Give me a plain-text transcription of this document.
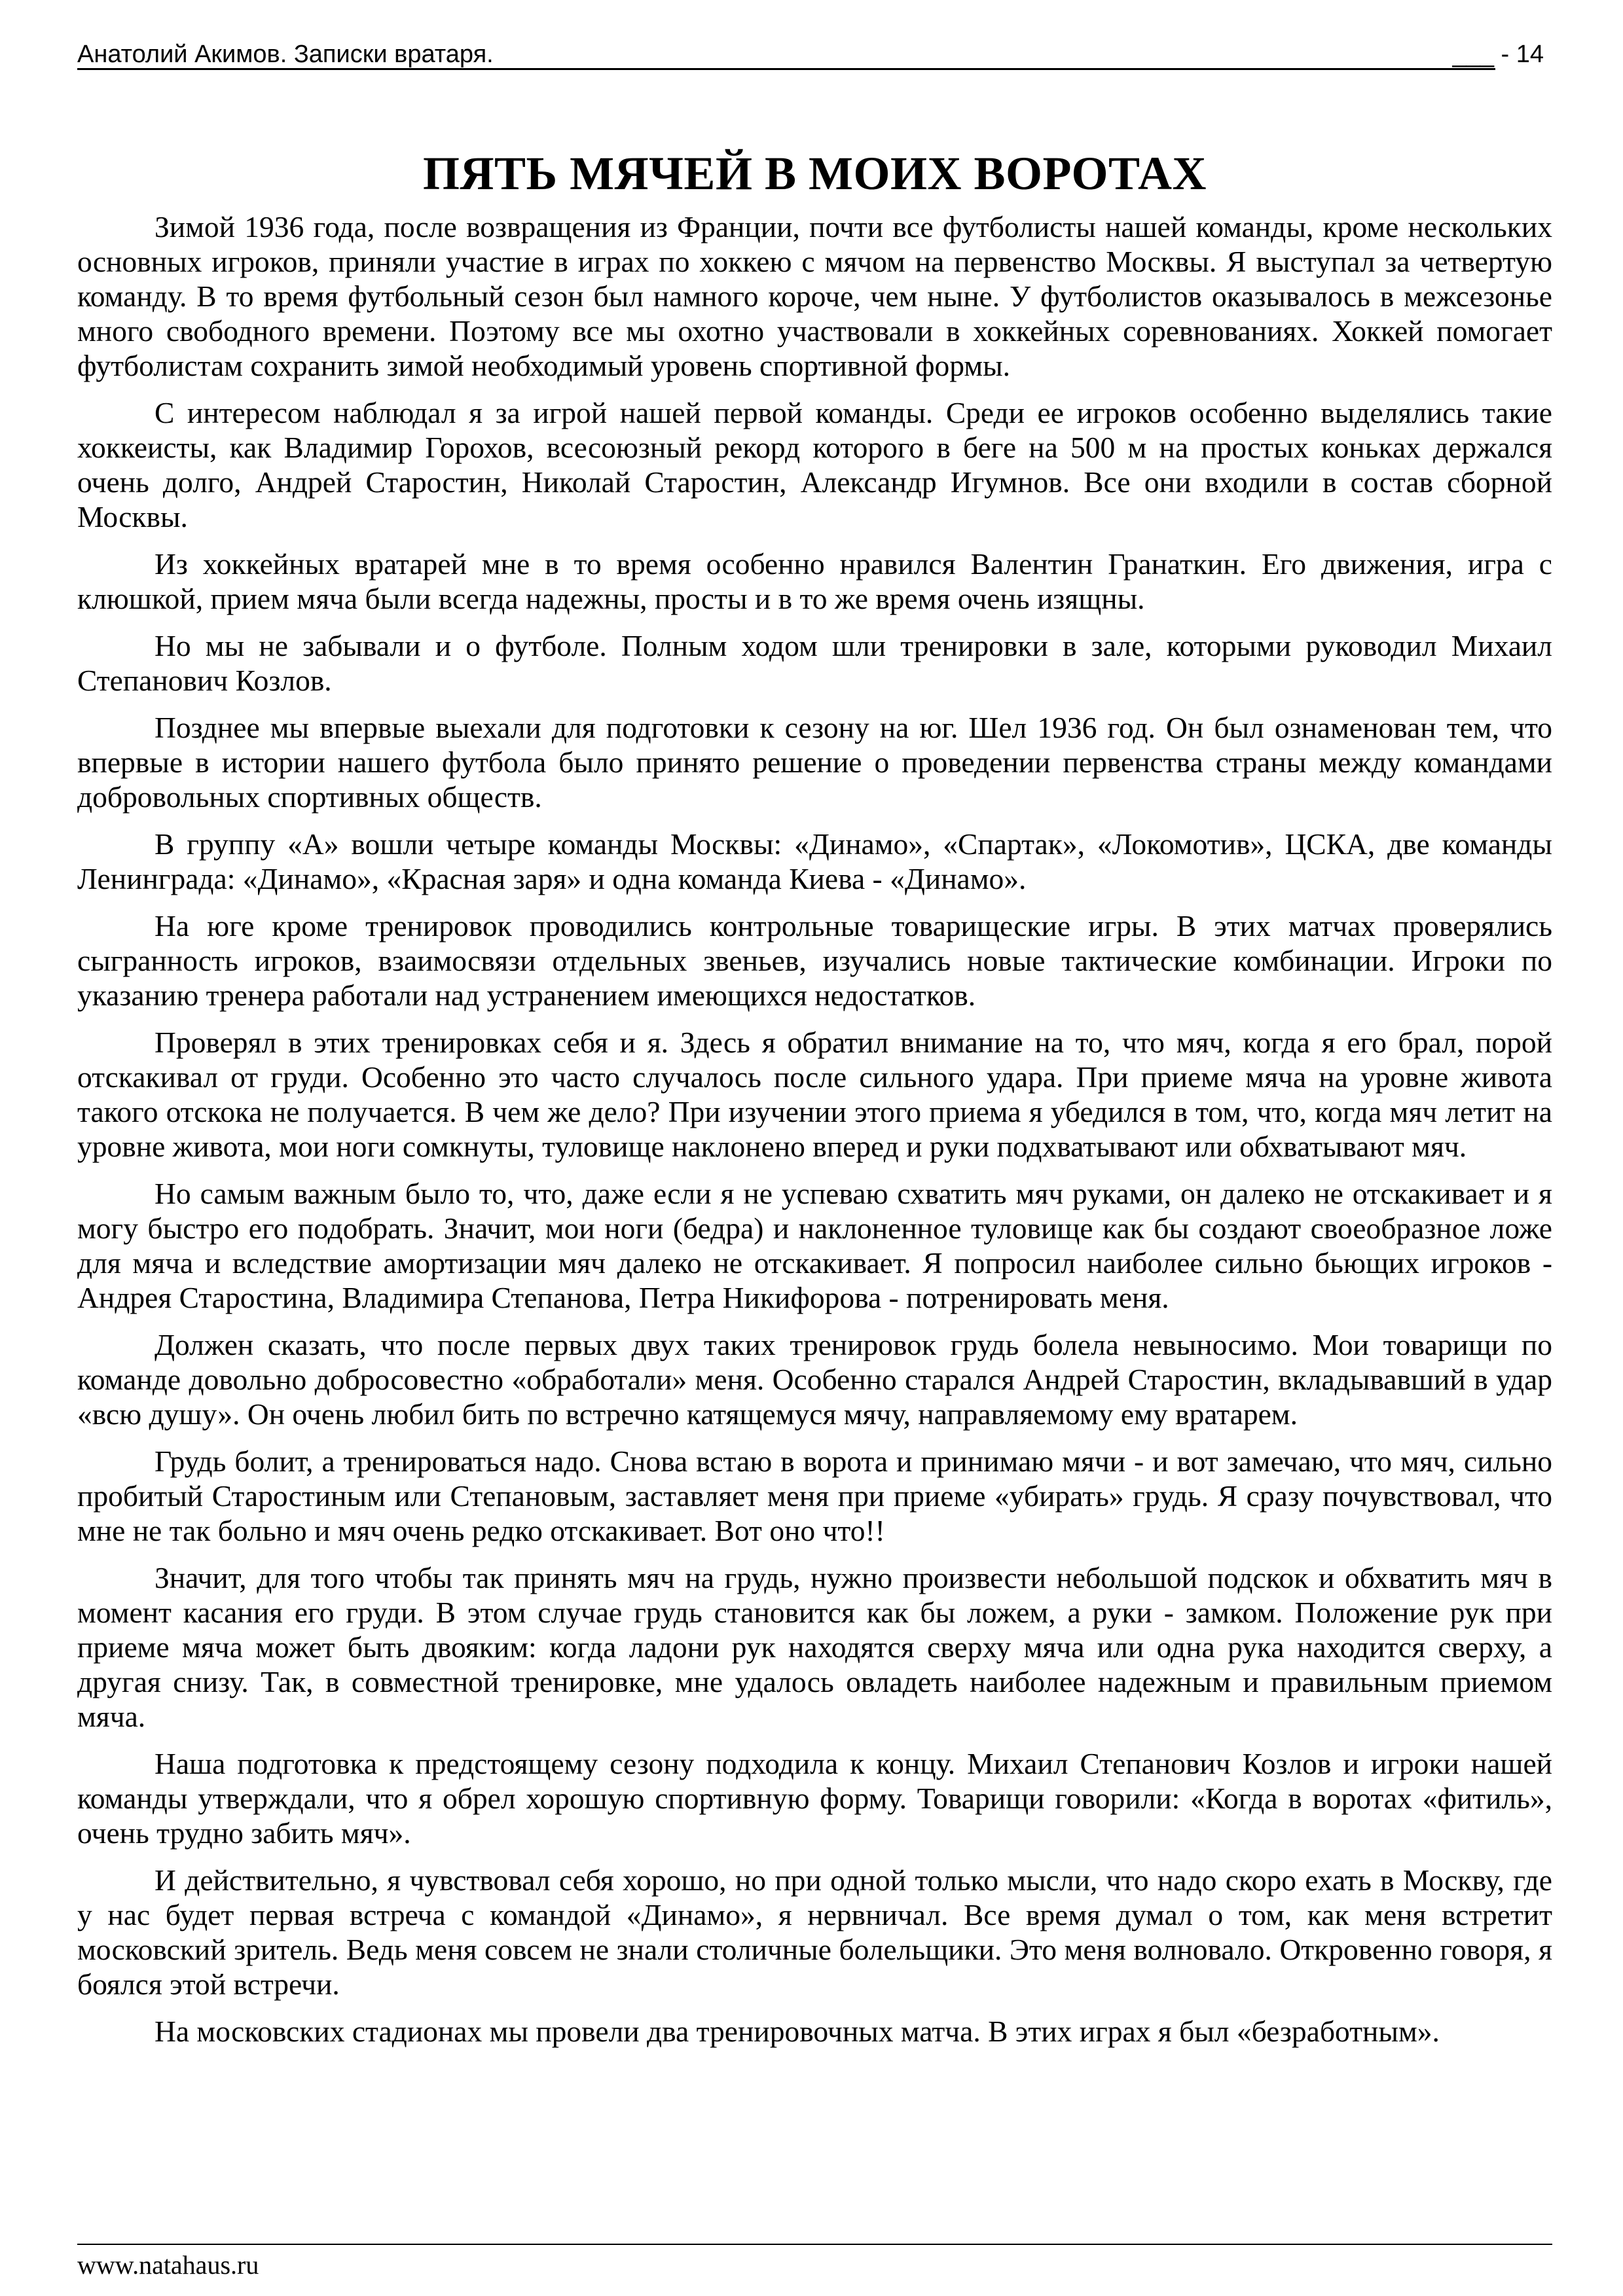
Анатолий Акимов. Записки вратаря.	___ - 14
ПЯТЬ МЯЧЕЙ В МОИХ ВОРОТАХ

Зимой 1936 года, после возвращения из Франции, почти все футболисты нашей команды, кроме нескольких основных игроков, приняли участие в играх по хоккею с мячом на первенство Москвы. Я выступал за четвертую команду. В то время футбольный сезон был намного короче, чем ныне. У футболистов оказывалось в межсезонье много свободного времени. Поэтому все мы охотно участвовали в хоккейных соревнованиях. Хоккей помогает футболистам сохранить зимой необходимый уровень спортивной формы.

С интересом наблюдал я за игрой нашей первой команды. Среди ее игроков особенно выделялись такие хоккеисты, как Владимир Горохов, всесоюзный рекорд которого в беге на 500 м на простых коньках держался очень долго, Андрей Старостин, Николай Старостин, Александр Игумнов. Все они входили в состав сборной Москвы.

Из хоккейных вратарей мне в то время особенно нравился Валентин Гранаткин. Его движения, игра с клюшкой, прием мяча были всегда надежны, просты и в то же время очень изящны.

Но мы не забывали и о футболе. Полным ходом шли тренировки в зале, которыми руководил Михаил Степанович Козлов.

Позднее мы впервые выехали для подготовки к сезону на юг. Шел 1936 год. Он был ознаменован тем, что впервые в истории нашего футбола было принято решение о проведении первенства страны между командами добровольных спортивных обществ.

В группу «А» вошли четыре команды Москвы: «Динамо», «Спартак», «Локомотив», ЦСКА, две команды Ленинграда: «Динамо», «Красная заря» и одна команда Киева - «Динамо».

На юге кроме тренировок проводились контрольные товарищеские игры. В этих матчах проверялись сыгранность игроков, взаимосвязи отдельных звеньев, изучались новые тактические комбинации. Игроки по указанию тренера работали над устранением имеющихся недостатков.

Проверял в этих тренировках себя и я. Здесь я обратил внимание на то, что мяч, когда я его брал, порой отскакивал от груди. Особенно это часто случалось после сильного удара. При приеме мяча на уровне живота такого отскока не получается. В чем же дело? При изучении этого приема я убедился в том, что, когда мяч летит на уровне живота, мои ноги сомкнуты, туловище наклонено вперед и руки подхватывают или обхватывают мяч.

Но самым важным было то, что, даже если я не успеваю схватить мяч руками, он далеко не отскакивает и я могу быстро его подобрать. Значит, мои ноги (бедра) и наклоненное туловище как бы создают своеобразное ложе для мяча и вследствие амортизации мяч далеко не отскакивает. Я попросил наиболее сильно бьющих игроков - Андрея Старостина, Владимира Степанова, Петра Никифорова - потренировать меня.

Должен сказать, что после первых двух таких тренировок грудь болела невыносимо. Мои товарищи по команде довольно добросовестно «обработали» меня. Особенно старался Андрей Старостин, вкладывавший в удар «всю душу». Он очень любил бить по встречно катящемуся мячу, направляемому ему вратарем.

Грудь болит, а тренироваться надо. Снова встаю в ворота и принимаю мячи - и вот замечаю, что мяч, сильно пробитый Старостиным или Степановым, заставляет меня при приеме «убирать» грудь. Я сразу почувствовал, что мне не так больно и мяч очень редко отскакивает. Вот оно что!!

Значит, для того чтобы так принять мяч на грудь, нужно произвести небольшой подскок и обхватить мяч в момент касания его груди. В этом случае грудь становится как бы ложем, а руки - замком. Положение рук при приеме мяча может быть двояким: когда ладони рук находятся сверху мяча или одна рука находится сверху, а другая снизу. Так, в совместной тренировке, мне удалось овладеть наиболее надежным и правильным приемом мяча.

Наша подготовка к предстоящему сезону подходила к концу. Михаил Степанович Козлов и игроки нашей команды утверждали, что я обрел хорошую спортивную форму. Товарищи говорили: «Когда в воротах «фитиль», очень трудно забить мяч».

И действительно, я чувствовал себя хорошо, но при одной только мысли, что надо скоро ехать в Москву, где у нас будет первая встреча с командой «Динамо», я нервничал. Все время думал о том, как меня встретит московский зритель. Ведь меня совсем не знали столичные болельщики. Это меня волновало. Откровенно говоря, я боялся этой встречи.

На московских стадионах мы провели два тренировочных матча. В этих играх я был «безработным».

www.natahaus.ru
